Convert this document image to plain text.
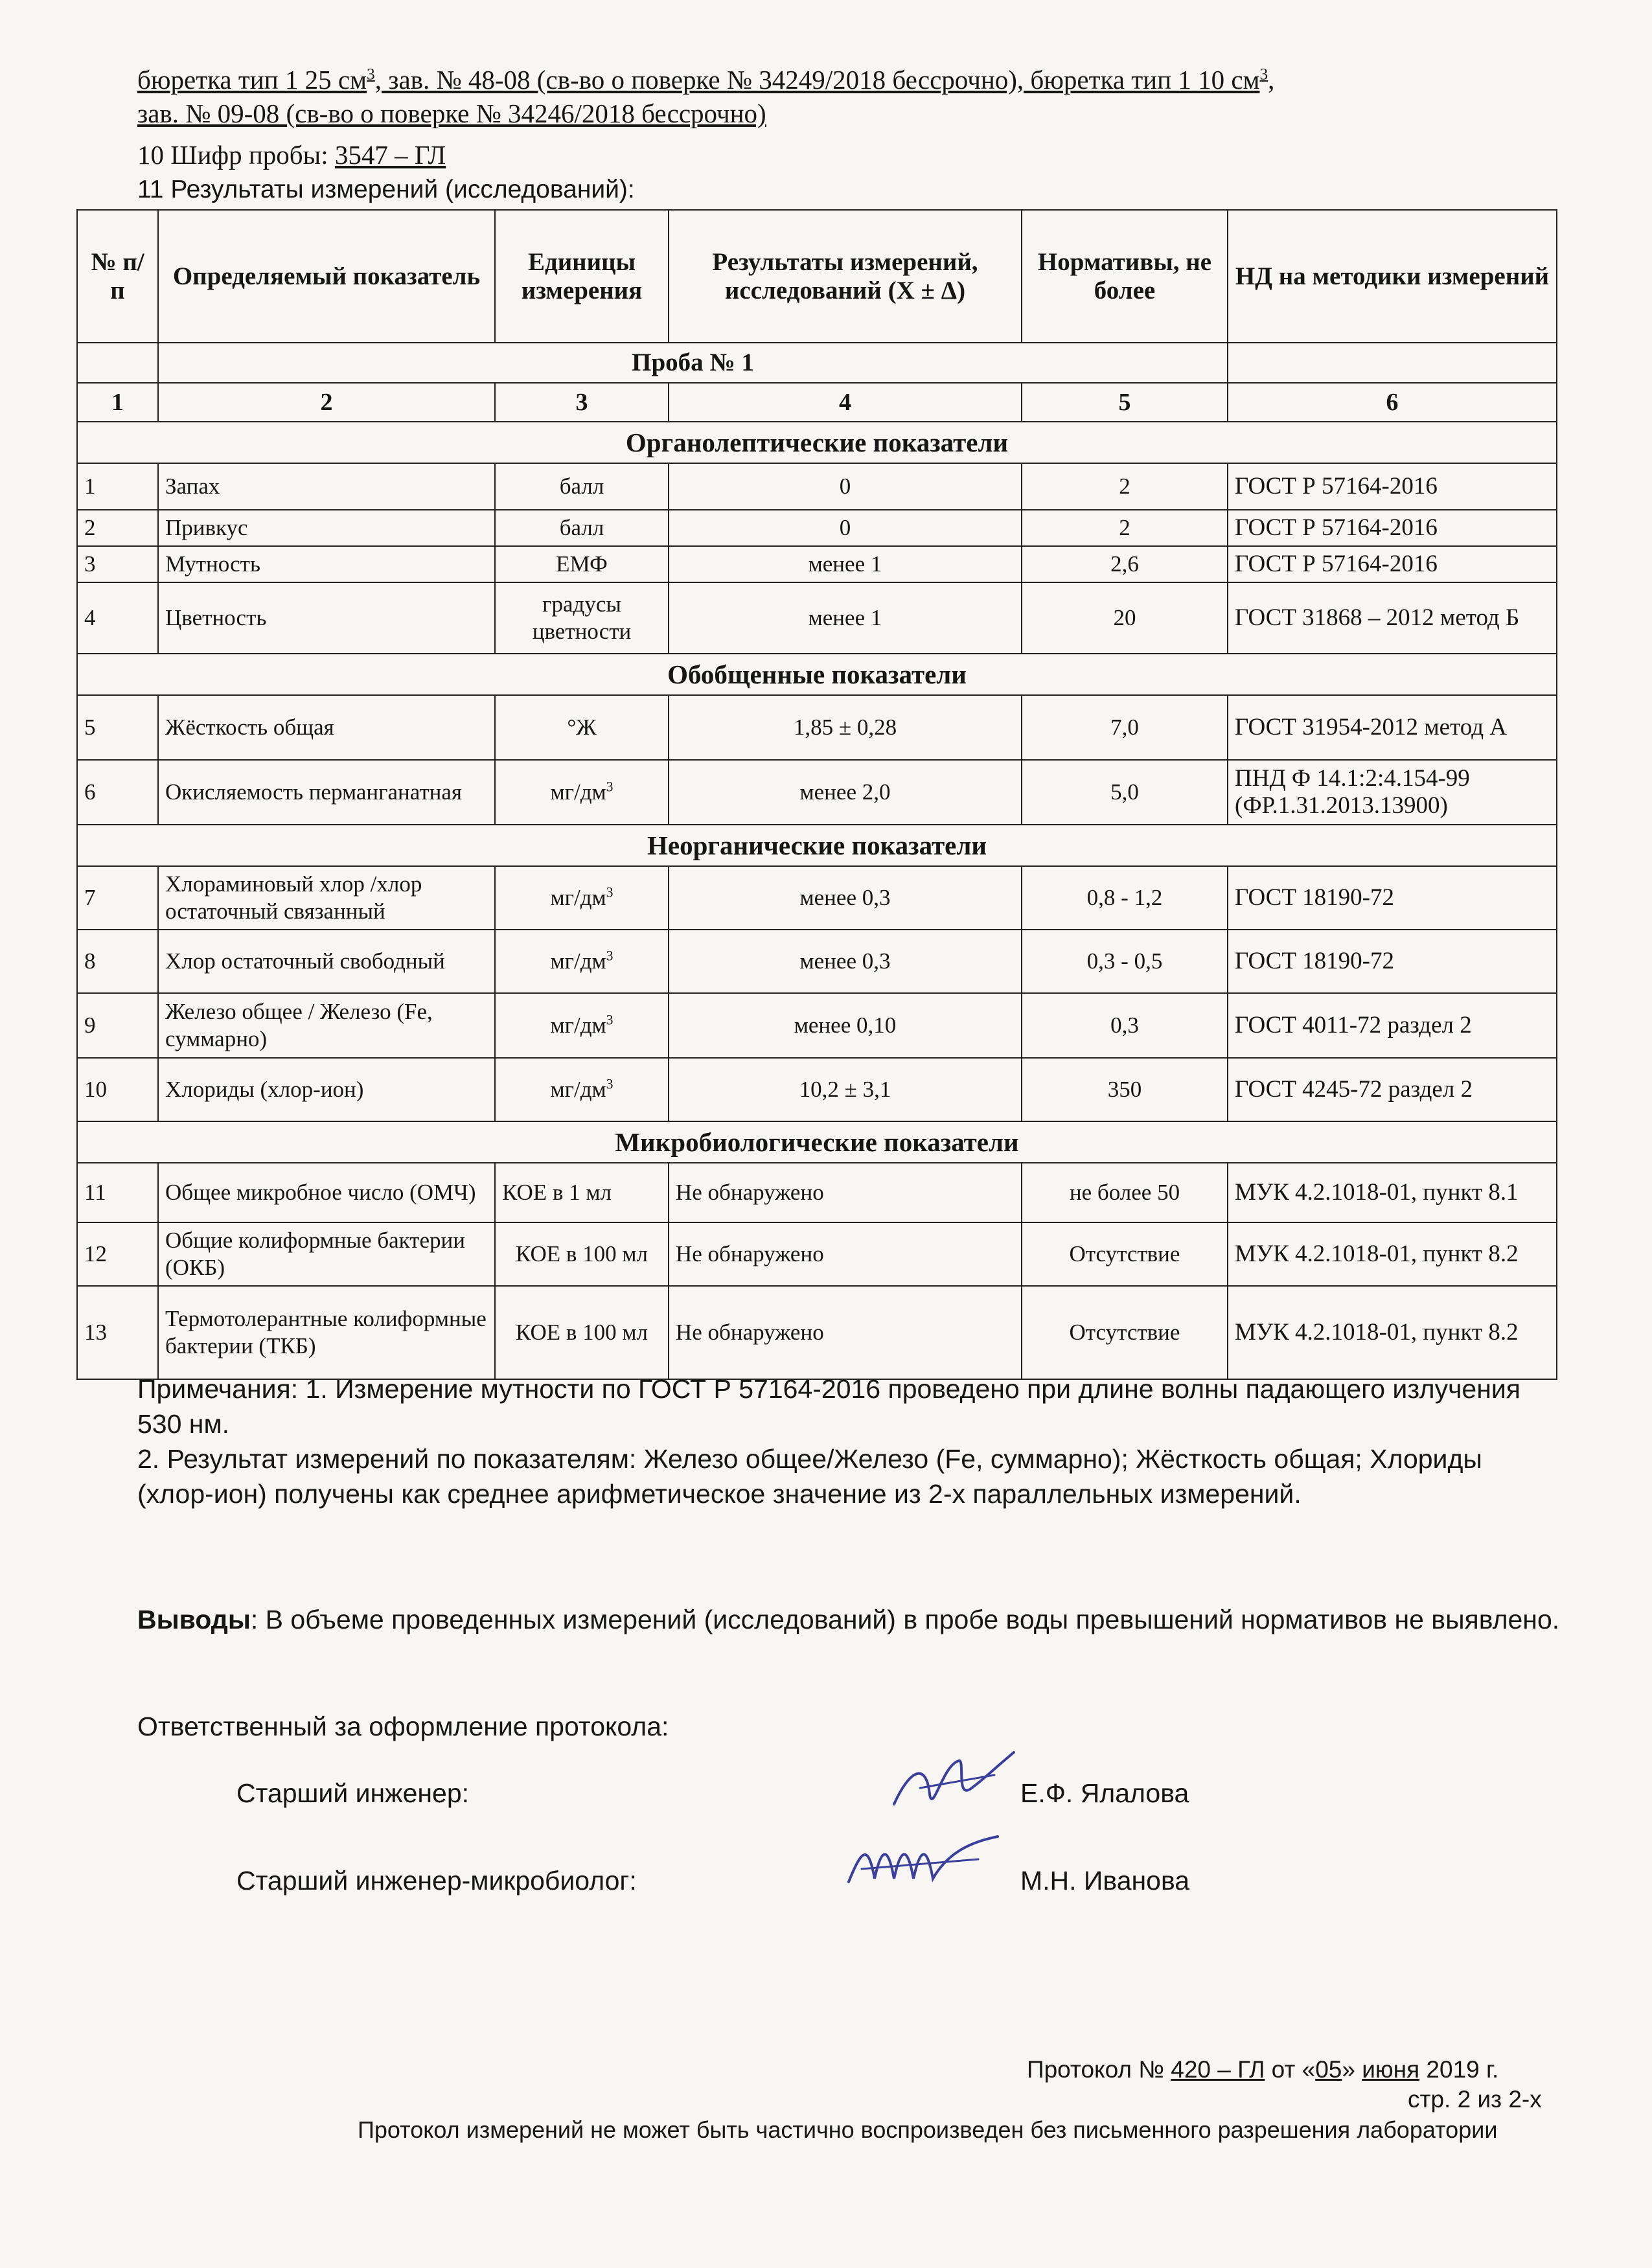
бюретка тип 1 25 $см^3$, зав. № 48-08 (св-во о поверке № 34249/2018 бессрочно), бюретка тип 1 10 $см^3$,
зав. № 09-08 (св-во о поверке № 34246/2018 бессрочно)
10 Шифр пробы: 3547 – ГЛ
11 Результаты измерений (исследований):
№ п/п	Определяемый показатель	Единицы измерения	Результаты измерений, исследований (Х ± Δ)	Нормативы, не более	НД на методики измерений
	Проба № 1				
1	2	3	4	5	6
Органолептические показатели					
1	Запах	балл	0	2	ГОСТ Р 57164-2016
2	Привкус	балл	0	2	ГОСТ Р 57164-2016
3	Мутность	ЕМФ	менее 1	2,6	ГОСТ Р 57164-2016
4	Цветность	градусы цветности	менее 1	20	ГОСТ 31868 – 2012 метод Б
Обобщенные показатели					
5	Жёсткость общая	°Ж	1,85 ± 0,28	7,0	ГОСТ 31954-2012 метод А
6	Окисляемость перманганатная	$мг/дм^3$	менее 2,0	5,0	ПНД Ф 14.1:2:4.154-99 (ФР.1.31.2013.13900)
Неорганические показатели					
7	Хлораминовый хлор /хлор остаточный связанный	$мг/дм^3$	менее 0,3	0,8 - 1,2	ГОСТ 18190-72
8	Хлор остаточный свободный	$мг/дм^3$	менее 0,3	0,3 - 0,5	ГОСТ 18190-72
9	Железо общее / Железо (Fe, суммарно)	$мг/дм^3$	менее 0,10	0,3	ГОСТ 4011-72 раздел 2
10	Хлориды (хлор-ион)	$мг/дм^3$	10,2 ± 3,1	350	ГОСТ 4245-72 раздел 2
Микробиологические показатели					
11	Общее микробное число (ОМЧ)	КОЕ в 1 мл	Не обнаружено	не более 50	МУК 4.2.1018-01, пункт 8.1
12	Общие колиформные бактерии (ОКБ)	КОЕ в 100 мл	Не обнаружено	Отсутствие	МУК 4.2.1018-01, пункт 8.2
13	Термотолерантные колиформные бактерии (ТКБ)	КОЕ в 100 мл	Не обнаружено	Отсутствие	МУК 4.2.1018-01, пункт 8.2
Примечания: 1. Измерение мутности по ГОСТ Р 57164-2016 проведено при длине волны падающего излучения 530 нм.
2. Результат измерений по показателям: Железо общее/Железо (Fe, суммарно); Жёсткость общая; Хлориды (хлор-ион) получены как среднее арифметическое значение из 2-х параллельных измерений.
Выводы: В объеме проведенных измерений (исследований) в пробе воды превышений нормативов не выявлено.
Ответственный за оформление протокола:
Старший инженер:	Е.Ф. Ялалова
Старший инженер-микробиолог:	М.Н. Иванова
Протокол № 420 – ГЛ от «05» июня 2019 г.
стр. 2 из 2-х
Протокол измерений не может быть частично воспроизведен без письменного разрешения лаборатории
